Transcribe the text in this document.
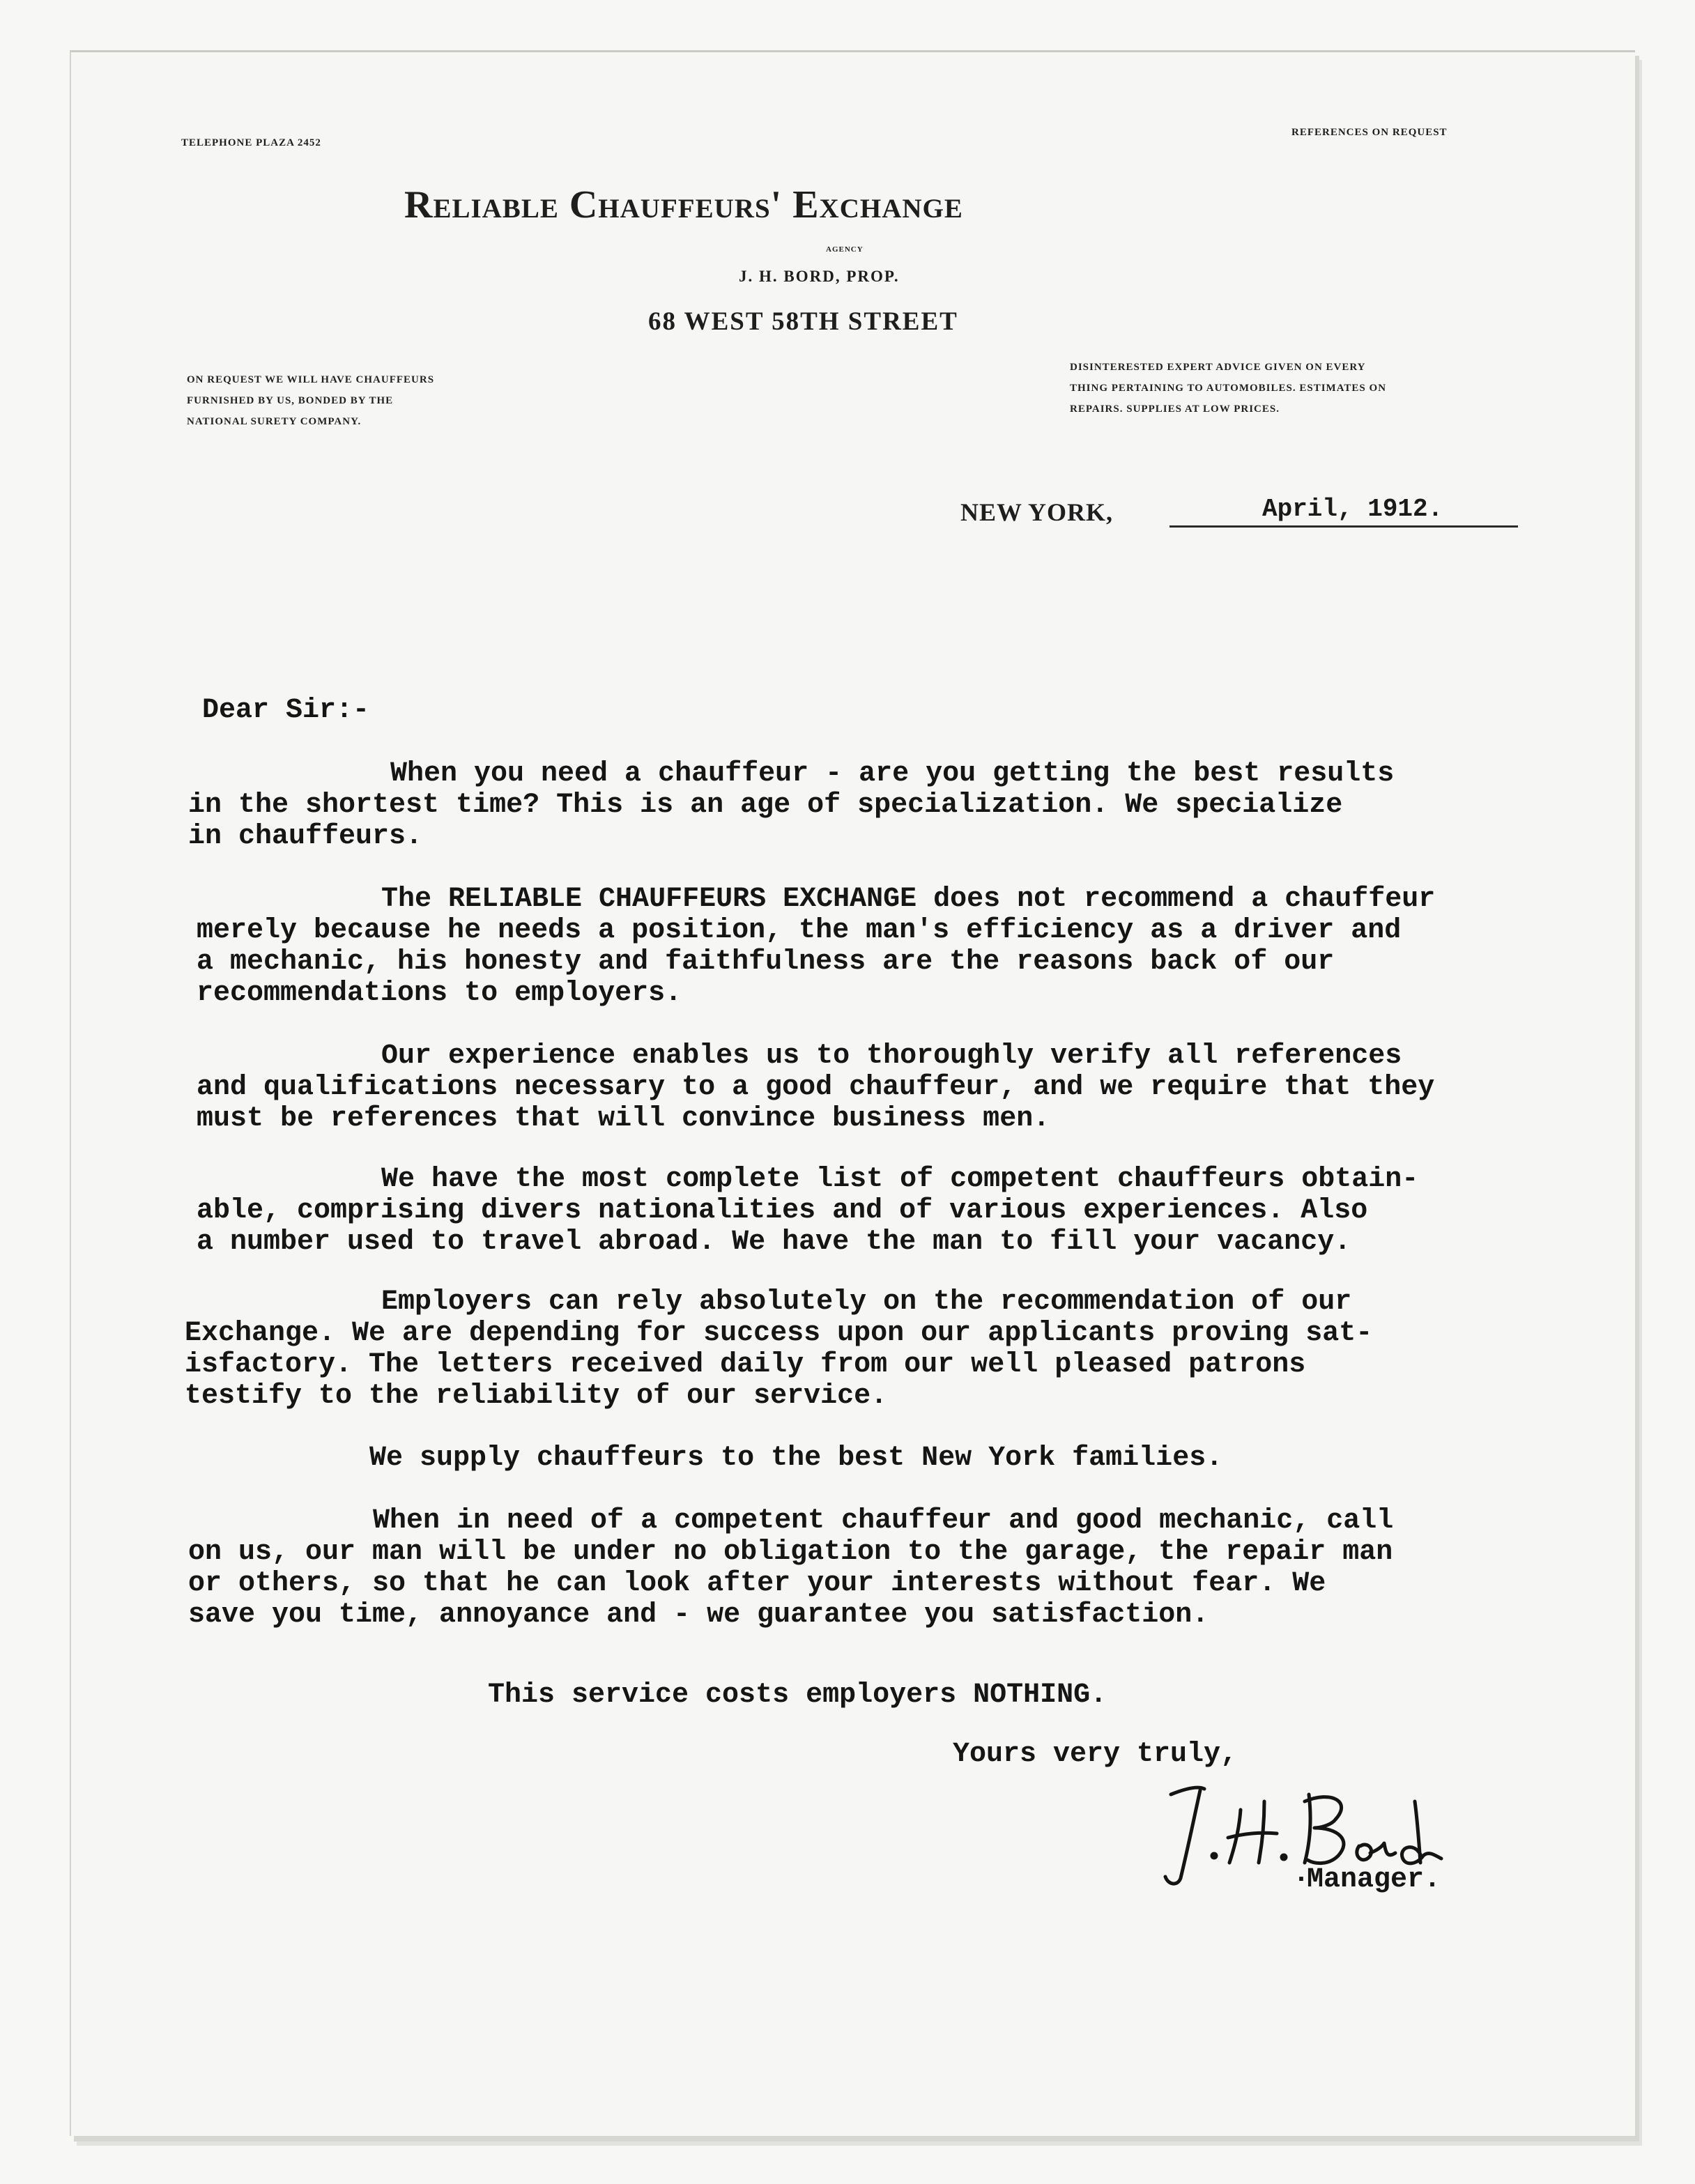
TELEPHONE PLAZA 2452

REFERENCES ON REQUEST

Reliable Chauffeurs' Exchange

AGENCY

J. H. BORD, PROP.

68 WEST 58TH STREET

ON REQUEST WE WILL HAVE CHAUFFEURS
FURNISHED BY US, BONDED BY THE
NATIONAL SURETY COMPANY.
DISINTERESTED EXPERT ADVICE GIVEN ON EVERY
THING PERTAINING TO AUTOMOBILES. ESTIMATES ON
REPAIRS. SUPPLIES AT LOW PRICES.
NEW YORK,	April, 1912.

Dear Sir:-

When you need a chauffeur - are you getting the best results
in the shortest time? This is an age of specialization. We specialize
in chauffeurs.
The RELIABLE CHAUFFEURS EXCHANGE does not recommend a chauffeur
merely because he needs a position, the man's efficiency as a driver and
a mechanic, his honesty and faithfulness are the reasons back of our
recommendations to employers.
Our experience enables us to thoroughly verify all references
and qualifications necessary to a good chauffeur, and we require that they
must be references that will convince business men.
We have the most complete list of competent chauffeurs obtain-
able, comprising divers nationalities and of various experiences. Also
a number used to travel abroad. We have the man to fill your vacancy.
Employers can rely absolutely on the recommendation of our
Exchange. We are depending for success upon our applicants proving sat-
isfactory. The letters received daily from our well pleased patrons
testify to the reliability of our service.
We supply chauffeurs to the best New York families.
When in need of a competent chauffeur and good mechanic, call
on us, our man will be under no obligation to the garage, the repair man
or others, so that he can look after your interests without fear. We
save you time, annoyance and - we guarantee you satisfaction.
This service costs employers NOTHING.

Yours very truly,

Manager.

·
